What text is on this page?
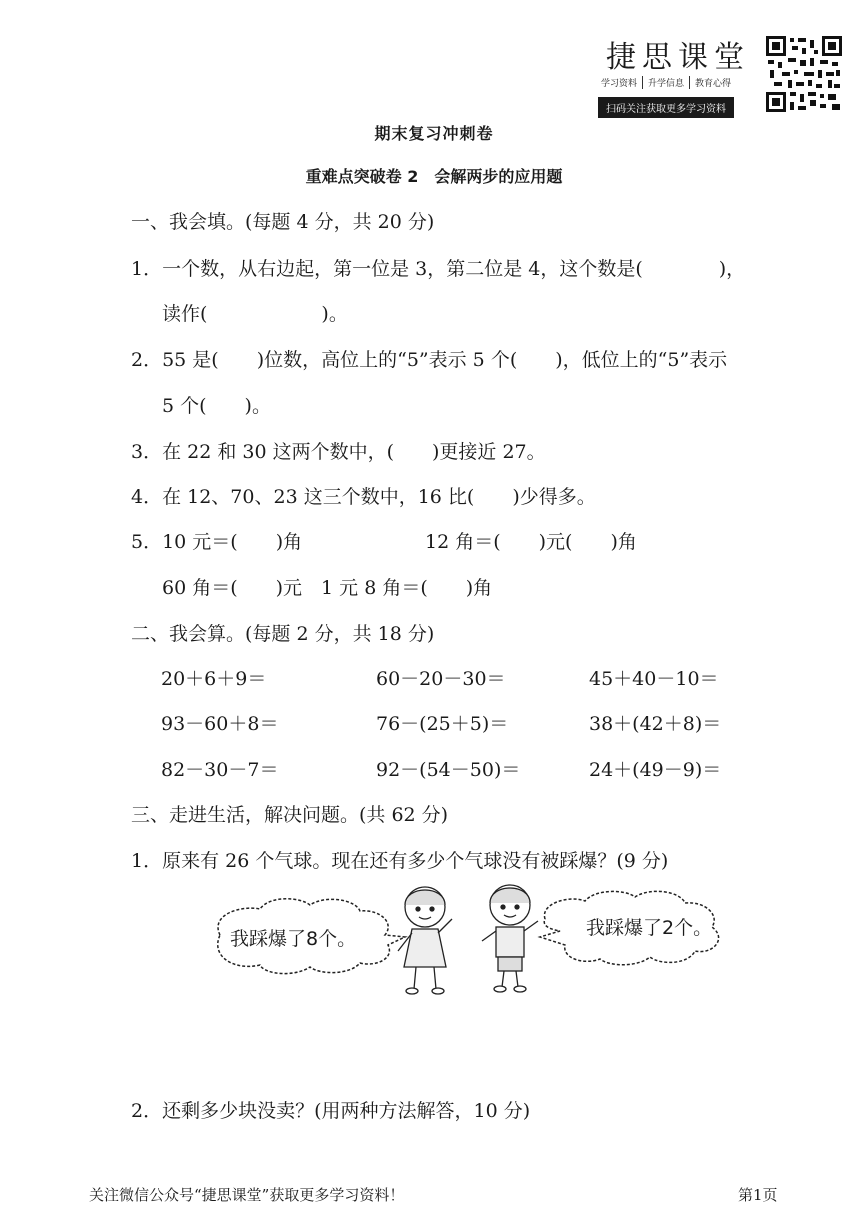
捷思课堂
学习资料	升学信息	教育心得
扫码关注获取更多学习资料
期末复习冲刺卷
重难点突破卷 2　会解两步的应用题
一、我会填。(每题 4 分，共 20 分)
1．一个数，从右边起，第一位是 3，第二位是 4，这个数是(　　　　)，
读作(　　　　　　)。
2．55 是(　　)位数，高位上的“5”表示 5 个(　　)，低位上的“5”表示
5 个(　　)。
3．在 22 和 30 这两个数中，(　　)更接近 27。
4．在 12、70、23 这三个数中，16 比(　　)少得多。
5．10 元＝(　　)角	12 角＝(　　)元(　　)角
60 角＝(　　)元　1 元 8 角＝(　　)角
二、我会算。(每题 2 分，共 18 分)
20＋6＋9＝	60－20－30＝	45＋40－10＝
93－60＋8＝	76－(25＋5)＝	38＋(42＋8)＝
82－30－7＝	92－(54－50)＝	24＋(49－9)＝
三、走进生活，解决问题。(共 62 分)
1．原来有 26 个气球。现在还有多少个气球没有被踩爆？(9 分)
我踩爆了8个。	我踩爆了2个。
2．还剩多少块没卖？(用两种方法解答，10 分)
关注微信公众号“捷思课堂”获取更多学习资料！	第1页
